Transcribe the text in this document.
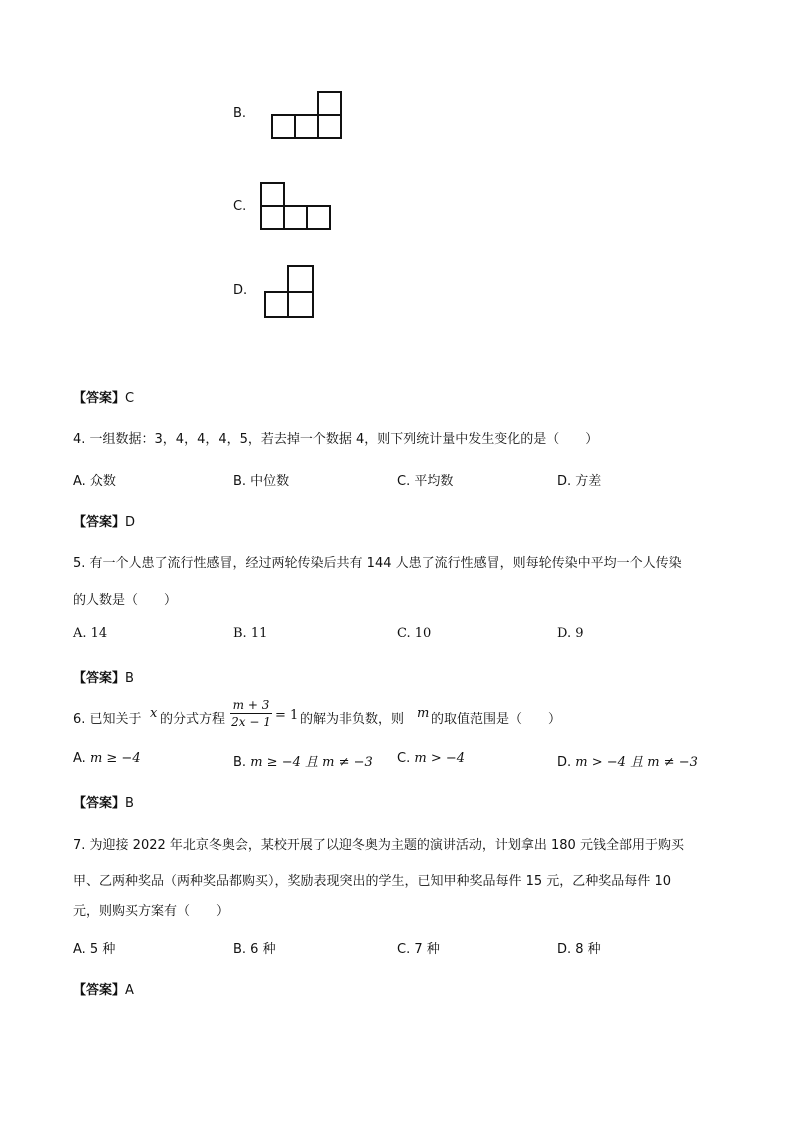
B.
C.
D.
【答案】C
4. 一组数据：3，4，4，4，5，若去掉一个数据 4，则下列统计量中发生变化的是（　　）
A. 众数	B. 中位数	C. 平均数	D. 方差
【答案】D
5. 有一个人患了流行性感冒，经过两轮传染后共有 144 人患了流行性感冒，则每轮传染中平均一个人传染
的人数是（　　）
A. 14	B. 11	C. 10	D. 9
【答案】B
6. 已知关于 x 的分式方程
m + 3
2x − 1 = 1 的解为非负数，则 m 的取值范围是（　　）
A. m ≥ −4	B. m ≥ −4 且 m ≠ −3 C. m > −4	D. m > −4 且 m ≠ −3
【答案】B
7. 为迎接 2022 年北京冬奥会，某校开展了以迎冬奥为主题的演讲活动，计划拿出 180 元钱全部用于购买
甲、乙两种奖品（两种奖品都购买），奖励表现突出的学生，已知甲种奖品每件 15 元，乙种奖品每件 10
元，则购买方案有（　　）
A. 5 种	B. 6 种	C. 7 种	D. 8 种
【答案】A
